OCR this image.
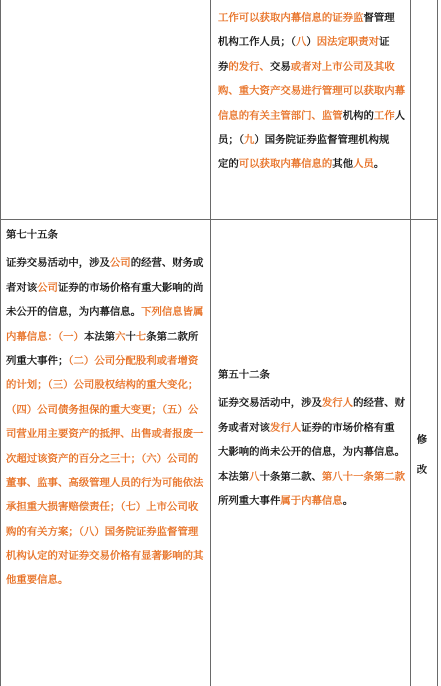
工作可以获取内幕信息的证券监督管理
机构工作人员；（八）因法定职责对证
券的发行、交易或者对上市公司及其收
购、重大资产交易进行管理可以获取内幕
信息的有关主管部门、监管机构的工作人
员；（九）国务院证券监督管理机构规
定的可以获取内幕信息的其他人员。
第七十五条
证券交易活动中，涉及公司的经营、财务或
者对该公司证券的市场价格有重大影响的尚
未公开的信息，为内幕信息。下列信息皆属
内幕信息：（一）本法第六十七条第二款所
列重大事件；（二）公司分配股利或者增资
的计划；（三）公司股权结构的重大变化；
（四）公司债务担保的重大变更；（五）公
司营业用主要资产的抵押、出售或者报废一
次超过该资产的百分之三十；（六）公司的
董事、监事、高级管理人员的行为可能依法
承担重大损害赔偿责任；（七）上市公司收
购的有关方案；（八）国务院证券监督管理
机构认定的对证券交易价格有显著影响的其
他重要信息。
第五十二条
证券交易活动中，涉及发行人的经营、财
务或者对该发行人证券的市场价格有重
大影响的尚未公开的信息，为内幕信息。
本法第八十条第二款、第八十一条第二款
所列重大事件属于内幕信息。
修
改
